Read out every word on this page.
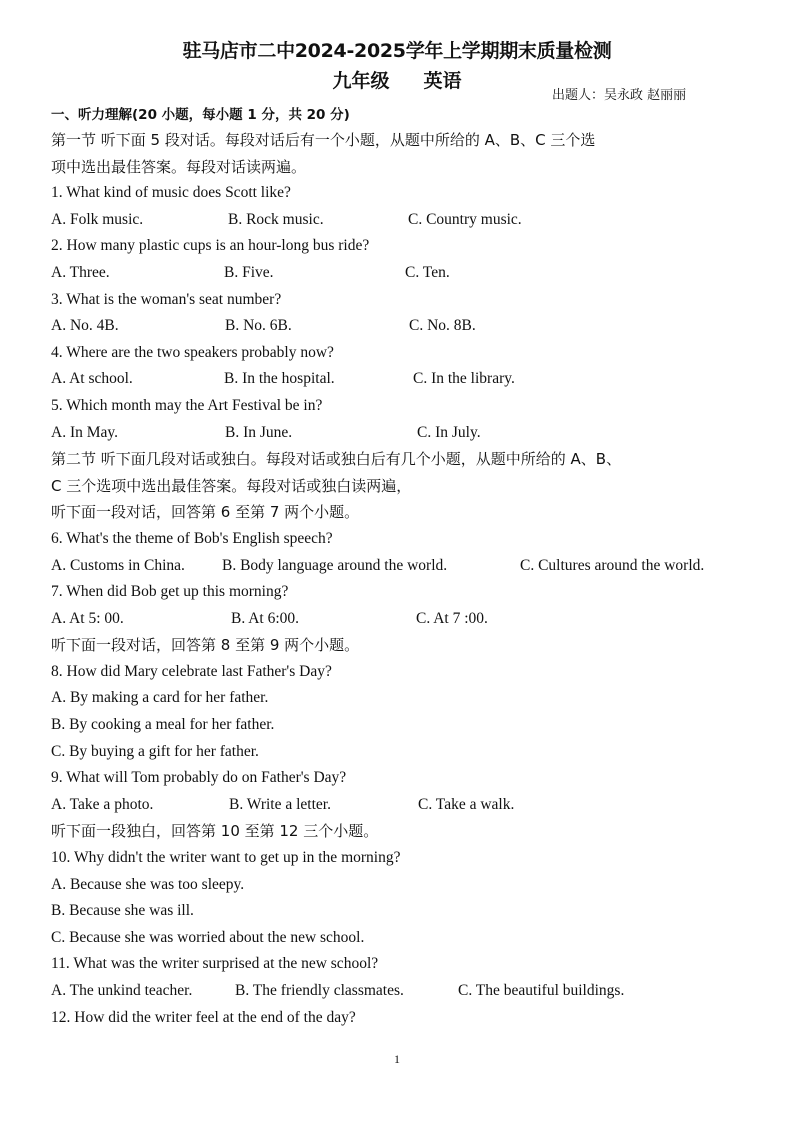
驻马店市二中2024-2025学年上学期期末质量检测
九年级 英语
出题人：吴永政 赵丽丽
一、听力理解(20 小题，每小题 1 分，共 20 分)
第一节 听下面 5 段对话。每段对话后有一个小题，从题中所给的 A、B、C 三个选
项中选出最佳答案。每段对话读两遍。
1. What kind of music does Scott like?
A. Folk music.	B. Rock music.	C. Country music.
2. How many plastic cups is an hour-long bus ride?
A. Three.	B. Five.	C. Ten.
3. What is the woman's seat number?
A. No. 4B.	B. No. 6B.	C. No. 8B.
4. Where are the two speakers probably now?
A. At school.	B. In the hospital.	C. In the library.
5. Which month may the Art Festival be in?
A. In May.	B. In June.	C. In July.
第二节 听下面几段对话或独白。每段对话或独白后有几个小题，从题中所给的 A、B、
C 三个选项中选出最佳答案。每段对话或独白读两遍，
听下面一段对话，回答第 6 至第 7 两个小题。
6. What's the theme of Bob's English speech?
A. Customs in China. B. Body language around the world.	C. Cultures around the world.
7. When did Bob get up this morning?
A. At 5: 00.	B. At 6:00.	C. At 7 :00.
听下面一段对话，回答第 8 至第 9 两个小题。
8. How did Mary celebrate last Father's Day?
A. By making a card for her father.
B. By cooking a meal for her father.
C. By buying a gift for her father.
9. What will Tom probably do on Father's Day?
A. Take a photo.	B. Write a letter.	C. Take a walk.
听下面一段独白，回答第 10 至第 12 三个小题。
10. Why didn't the writer want to get up in the morning?
A. Because she was too sleepy.
B. Because she was ill.
C. Because she was worried about the new school.
11. What was the writer surprised at the new school?
A. The unkind teacher.	B. The friendly classmates.	C. The beautiful buildings.
12. How did the writer feel at the end of the day?
1
